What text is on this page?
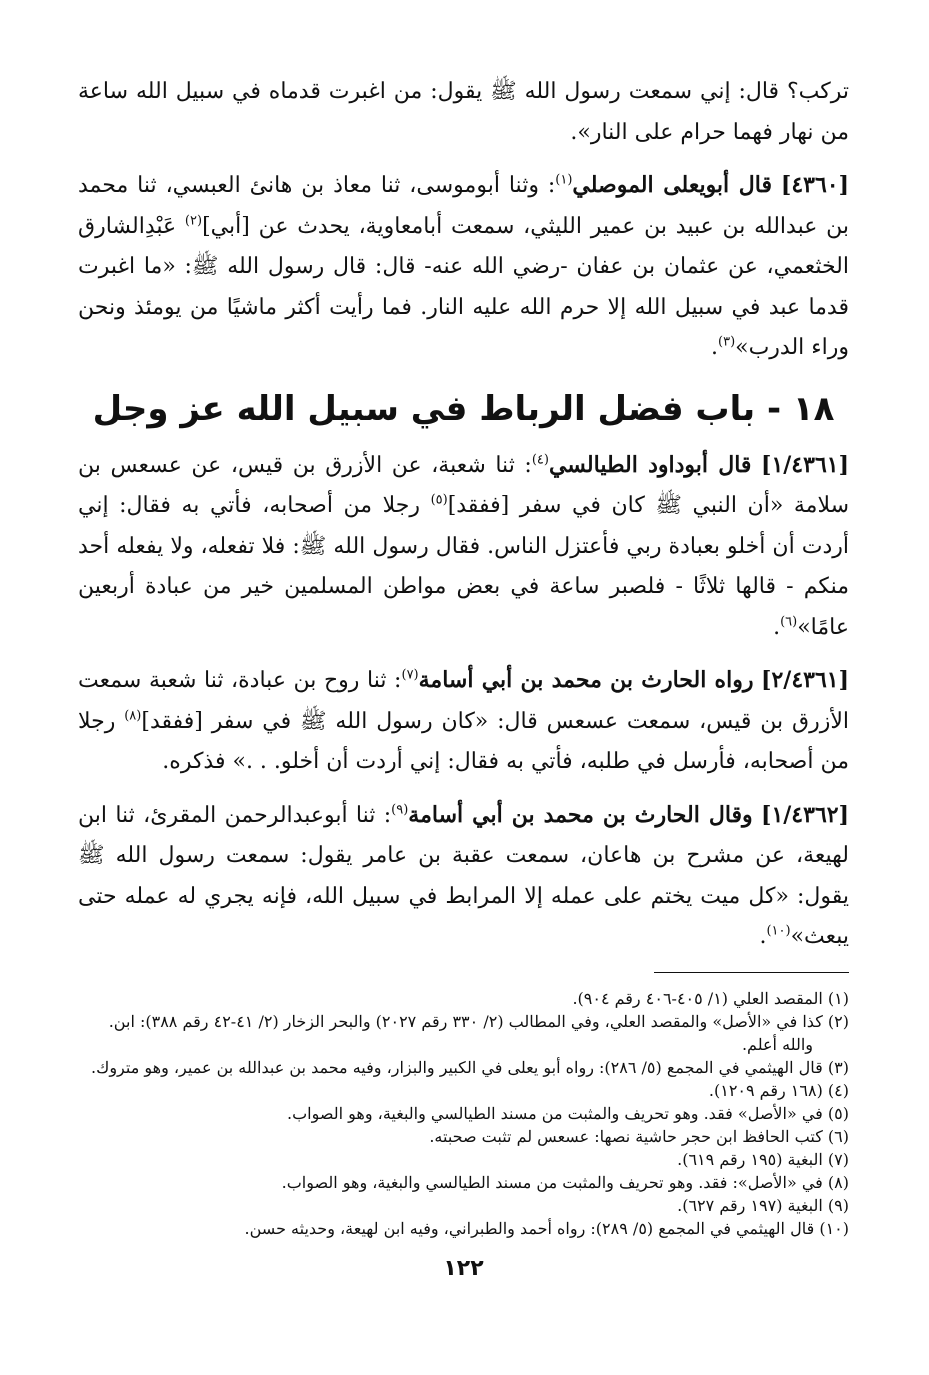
تركب؟ قال: إني سمعت رسول الله ﷺ يقول: من اغبرت قدماه في سبيل الله ساعة من نهار فهما حرام على النار».

[٤٣٦٠] قال أبويعلى الموصلي$^{(١)}$: وثنا أبوموسى، ثنا معاذ بن هانئ العبسي، ثنا محمد بن عبدالله بن عبيد بن عمير الليثي، سمعت أبامعاوية، يحدث عن [أبي]$^{(٢)}$ عَبْدِالشارق الخثعمي، عن عثمان بن عفان -رضي الله عنه- قال: قال رسول الله ﷺ: «ما اغبرت قدما عبد في سبيل الله إلا حرم الله عليه النار. فما رأيت أكثر ماشيًا من يومئذ ونحن وراء الدرب»$^{(٣)}$.

١٨ - باب فضل الرباط في سبيل الله عز وجل

[١/٤٣٦١] قال أبوداود الطيالسي$^{(٤)}$: ثنا شعبة، عن الأزرق بن قيس، عن عسعس بن سلامة «أن النبي ﷺ كان في سفر [ففقد]$^{(٥)}$ رجلا من أصحابه، فأتي به فقال: إني أردت أن أخلو بعبادة ربي فأعتزل الناس. فقال رسول الله ﷺ: فلا تفعله، ولا يفعله أحد منكم - قالها ثلاثًا - فلصبر ساعة في بعض مواطن المسلمين خير من عبادة أربعين عامًا»$^{(٦)}$.

[٢/٤٣٦١] رواه الحارث بن محمد بن أبي أسامة$^{(٧)}$: ثنا روح بن عبادة، ثنا شعبة سمعت الأزرق بن قيس، سمعت عسعس قال: «كان رسول الله ﷺ في سفر [ففقد]$^{(٨)}$ رجلا من أصحابه، فأرسل في طلبه، فأتي به فقال: إني أردت أن أخلو. . .» فذكره.

[١/٤٣٦٢] وقال الحارث بن محمد بن أبي أسامة$^{(٩)}$: ثنا أبوعبدالرحمن المقرئ، ثنا ابن لهيعة، عن مشرح بن هاعان، سمعت عقبة بن عامر يقول: سمعت رسول الله ﷺ يقول: «كل ميت يختم على عمله إلا المرابط في سبيل الله، فإنه يجري له عمله حتى يبعث»$^{(١٠)}$.

(١) المقصد العلي (١/ ٤٠٥-٤٠٦ رقم ٩٠٤).

(٢) كذا في «الأصل» والمقصد العلي، وفي المطالب (٢/ ٣٣٠ رقم ٢٠٢٧) والبحر الزخار (٢/ ٤١-٤٢ رقم ٣٨٨): ابن. والله أعلم.

(٣) قال الهيثمي في المجمع (٥/ ٢٨٦): رواه أبو يعلى في الكبير والبزار، وفيه محمد بن عبدالله بن عمير، وهو متروك.

(٤) (١٦٨ رقم ١٢٠٩).

(٥) في «الأصل» فقد. وهو تحريف والمثبت من مسند الطيالسي والبغية، وهو الصواب.

(٦) كتب الحافظ ابن حجر حاشية نصها: عسعس لم تثبت صحبته.

(٧) البغية (١٩٥ رقم ٦١٩).

(٨) في «الأصل»: فقد. وهو تحريف والمثبت من مسند الطيالسي والبغية، وهو الصواب.

(٩) البغية (١٩٧ رقم ٦٢٧).

(١٠) قال الهيثمي في المجمع (٥/ ٢٨٩): رواه أحمد والطبراني، وفيه ابن لهيعة، وحديثه حسن.

١٢٢
